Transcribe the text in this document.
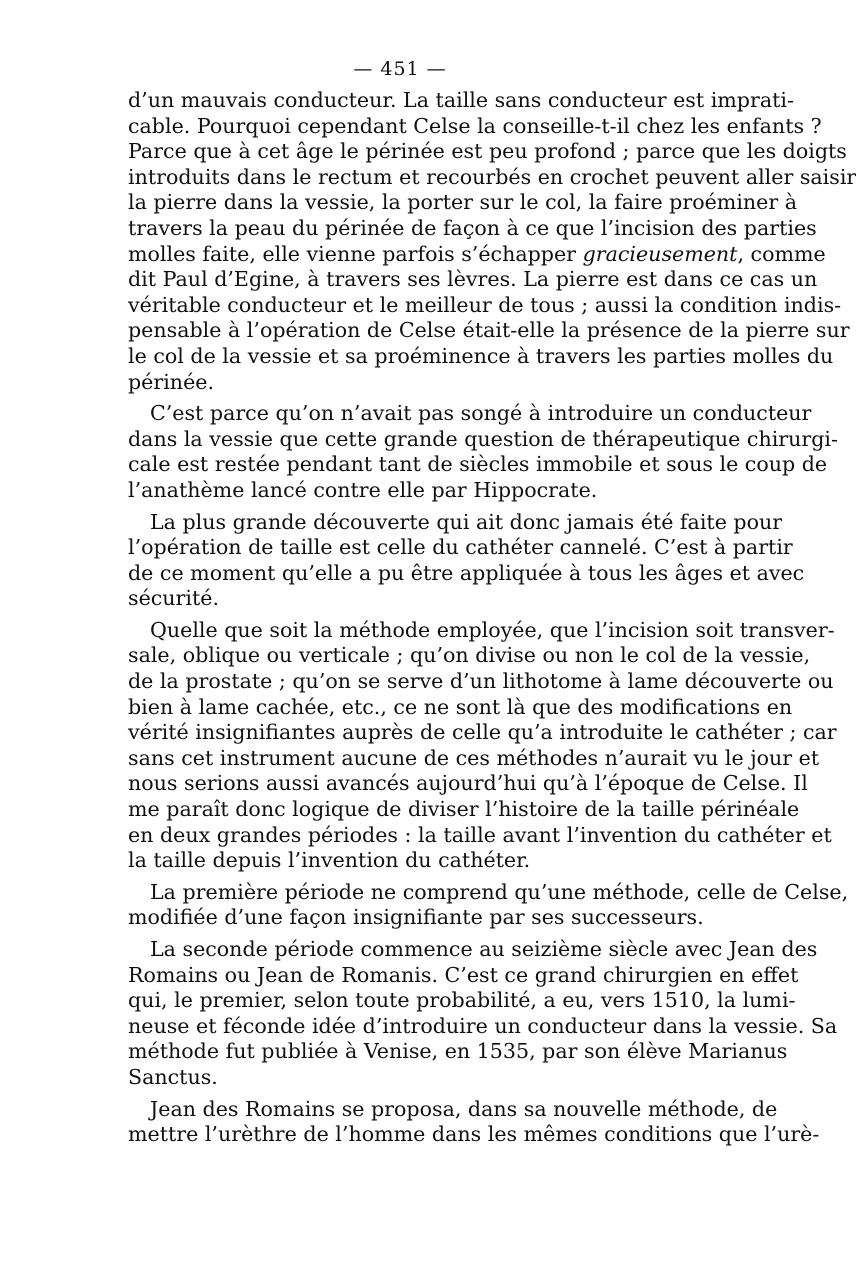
— 451 —
d’un mauvais conducteur. La taille sans conducteur est imprati-
cable. Pourquoi cependant Celse la conseille-t-il chez les enfants ?
Parce que à cet âge le périnée est peu profond ; parce que les doigts
introduits dans le rectum et recourbés en crochet peuvent aller saisir
la pierre dans la vessie, la porter sur le col, la faire proéminer à
travers la peau du périnée de façon à ce que l’incision des parties
molles faite, elle vienne parfois s’échapper gracieusement, comme
dit Paul d’Egine, à travers ses lèvres. La pierre est dans ce cas un
véritable conducteur et le meilleur de tous ; aussi la condition indis-
pensable à l’opération de Celse était-elle la présence de la pierre sur
le col de la vessie et sa proéminence à travers les parties molles du
périnée.
C’est parce qu’on n’avait pas songé à introduire un conducteur
dans la vessie que cette grande question de thérapeutique chirurgi-
cale est restée pendant tant de siècles immobile et sous le coup de
l’anathème lancé contre elle par Hippocrate.
La plus grande découverte qui ait donc jamais été faite pour
l’opération de taille est celle du cathéter cannelé. C’est à partir
de ce moment qu’elle a pu être appliquée à tous les âges et avec
sécurité.
Quelle que soit la méthode employée, que l’incision soit transver-
sale, oblique ou verticale ; qu’on divise ou non le col de la vessie,
de la prostate ; qu’on se serve d’un lithotome à lame découverte ou
bien à lame cachée, etc., ce ne sont là que des modifications en
vérité insignifiantes auprès de celle qu’a introduite le cathéter ; car
sans cet instrument aucune de ces méthodes n’aurait vu le jour et
nous serions aussi avancés aujourd’hui qu’à l’époque de Celse. Il
me paraît donc logique de diviser l’histoire de la taille périnéale
en deux grandes périodes : la taille avant l’invention du cathéter et
la taille depuis l’invention du cathéter.
La première période ne comprend qu’une méthode, celle de Celse,
modifiée d’une façon insignifiante par ses successeurs.
La seconde période commence au seizième siècle avec Jean des
Romains ou Jean de Romanis. C’est ce grand chirurgien en effet
qui, le premier, selon toute probabilité, a eu, vers 1510, la lumi-
neuse et féconde idée d’introduire un conducteur dans la vessie. Sa
méthode fut publiée à Venise, en 1535, par son élève Marianus
Sanctus.
Jean des Romains se proposa, dans sa nouvelle méthode, de
mettre l’urèthre de l’homme dans les mêmes conditions que l’urè-
